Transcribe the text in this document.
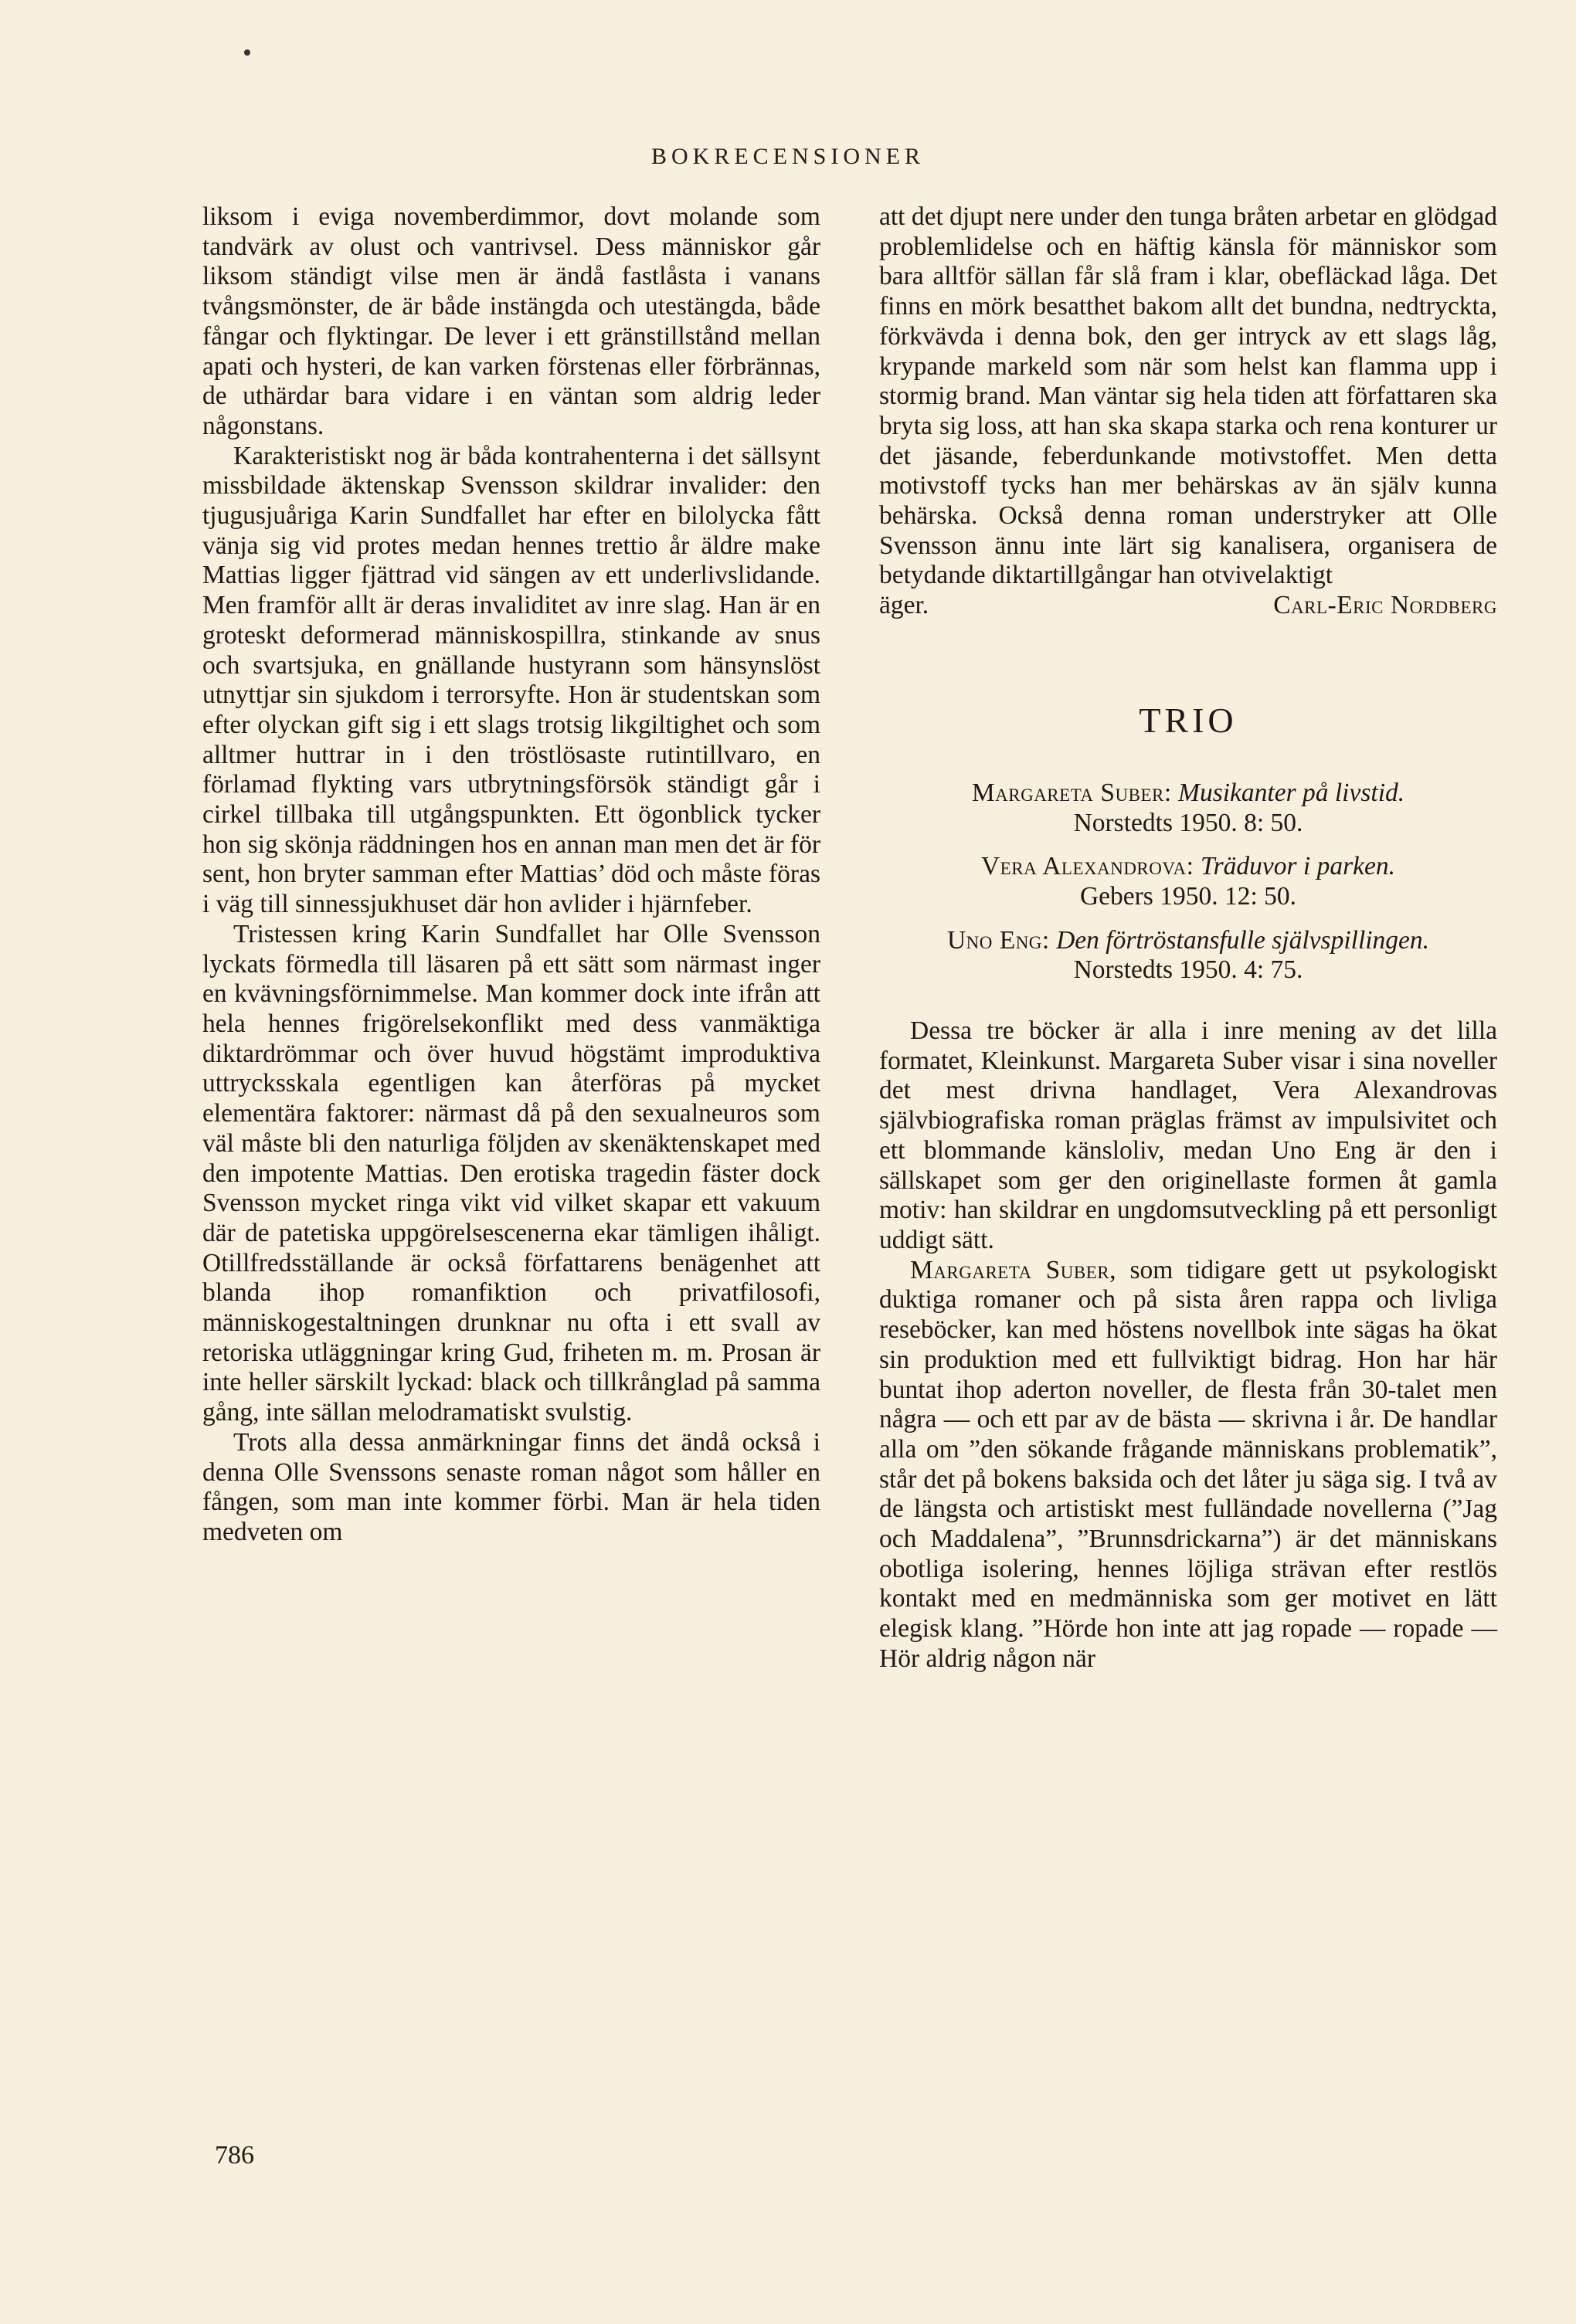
BOKRECENSIONER

liksom i eviga novemberdimmor, dovt molande som tandvärk av olust och vantrivsel. Dess människor går liksom ständigt vilse men är ändå fastlåsta i vanans tvångsmönster, de är både instängda och utestängda, både fångar och flyktingar. De lever i ett gränstillstånd mellan apati och hysteri, de kan varken förstenas eller förbrännas, de uthärdar bara vidare i en väntan som aldrig leder någonstans.

Karakteristiskt nog är båda kontrahenterna i det sällsynt missbildade äktenskap Svensson skildrar invalider: den tjugusjuåriga Karin Sundfallet har efter en bilolycka fått vänja sig vid protes medan hennes trettio år äldre make Mattias ligger fjättrad vid sängen av ett underlivslidande. Men framför allt är deras invaliditet av inre slag. Han är en groteskt deformerad människospillra, stinkande av snus och svartsjuka, en gnällande hustyrann som hänsynslöst utnyttjar sin sjukdom i terrorsyfte. Hon är studentskan som efter olyckan gift sig i ett slags trotsig likgiltighet och som alltmer huttrar in i den tröstlösaste rutintillvaro, en förlamad flykting vars utbrytningsförsök ständigt går i cirkel tillbaka till utgångspunkten. Ett ögonblick tycker hon sig skönja räddningen hos en annan man men det är för sent, hon bryter samman efter Mattias’ död och måste föras i väg till sinnessjukhuset där hon avlider i hjärnfeber.

Tristessen kring Karin Sundfallet har Olle Svensson lyckats förmedla till läsaren på ett sätt som närmast inger en kvävningsförnimmelse. Man kommer dock inte ifrån att hela hennes frigörelsekonflikt med dess vanmäktiga diktardrömmar och över huvud högstämt improduktiva uttrycksskala egentligen kan återföras på mycket elementära faktorer: närmast då på den sexualneuros som väl måste bli den naturliga följden av skenäktenskapet med den impotente Mattias. Den erotiska tragedin fäster dock Svensson mycket ringa vikt vid vilket skapar ett vakuum där de patetiska uppgörelsescenerna ekar tämligen ihåligt. Otillfredsställande är också författarens benägenhet att blanda ihop romanfiktion och privatfilosofi, människogestaltningen drunknar nu ofta i ett svall av retoriska utläggningar kring Gud, friheten m. m. Prosan är inte heller särskilt lyckad: black och tillkrånglad på samma gång, inte sällan melodramatiskt svulstig.

Trots alla dessa anmärkningar finns det ändå också i denna Olle Svenssons senaste roman något som håller en fången, som man inte kommer förbi. Man är hela tiden medveten om

att det djupt nere under den tunga bråten arbetar en glödgad problemlidelse och en häftig känsla för människor som bara alltför sällan får slå fram i klar, obefläckad låga. Det finns en mörk besatthet bakom allt det bundna, nedtryckta, förkvävda i denna bok, den ger intryck av ett slags låg, krypande markeld som när som helst kan flamma upp i stormig brand. Man väntar sig hela tiden att författaren ska bryta sig loss, att han ska skapa starka och rena konturer ur det jäsande, feberdunkande motivstoffet. Men detta motivstoff tycks han mer behärskas av än själv kunna behärska. Också denna roman understryker att Olle Svensson ännu inte lärt sig kanalisera, organisera de betydande diktartillgångar han otvivelaktigt

äger.	Carl-Eric Nordberg
TRIO
Margareta Suber: Musikanter på livstid.
Norstedts 1950. 8: 50.
Vera Alexandrova: Träduvor i parken.
Gebers 1950. 12: 50.
Uno Eng: Den förtröstansfulle självspillingen.
Norstedts 1950. 4: 75.

Dessa tre böcker är alla i inre mening av det lilla formatet, Kleinkunst. Margareta Suber visar i sina noveller det mest drivna handlaget, Vera Alexandrovas självbiografiska roman präglas främst av impulsivitet och ett blommande känsloliv, medan Uno Eng är den i sällskapet som ger den originellaste formen åt gamla motiv: han skildrar en ungdomsutveckling på ett personligt uddigt sätt.

Margareta Suber, som tidigare gett ut psykologiskt duktiga romaner och på sista åren rappa och livliga reseböcker, kan med höstens novellbok inte sägas ha ökat sin produktion med ett fullviktigt bidrag. Hon har här buntat ihop aderton noveller, de flesta från 30-talet men några — och ett par av de bästa — skrivna i år. De handlar alla om ”den sökande frågande människans problematik”, står det på bokens baksida och det låter ju säga sig. I två av de längsta och artistiskt mest fulländade novellerna (”Jag och Maddalena”, ”Brunnsdrickarna”) är det människans obotliga isolering, hennes löjliga strävan efter restlös kontakt med en medmänniska som ger motivet en lätt elegisk klang. ”Hörde hon inte att jag ropade — ropade — Hör aldrig någon när

786
